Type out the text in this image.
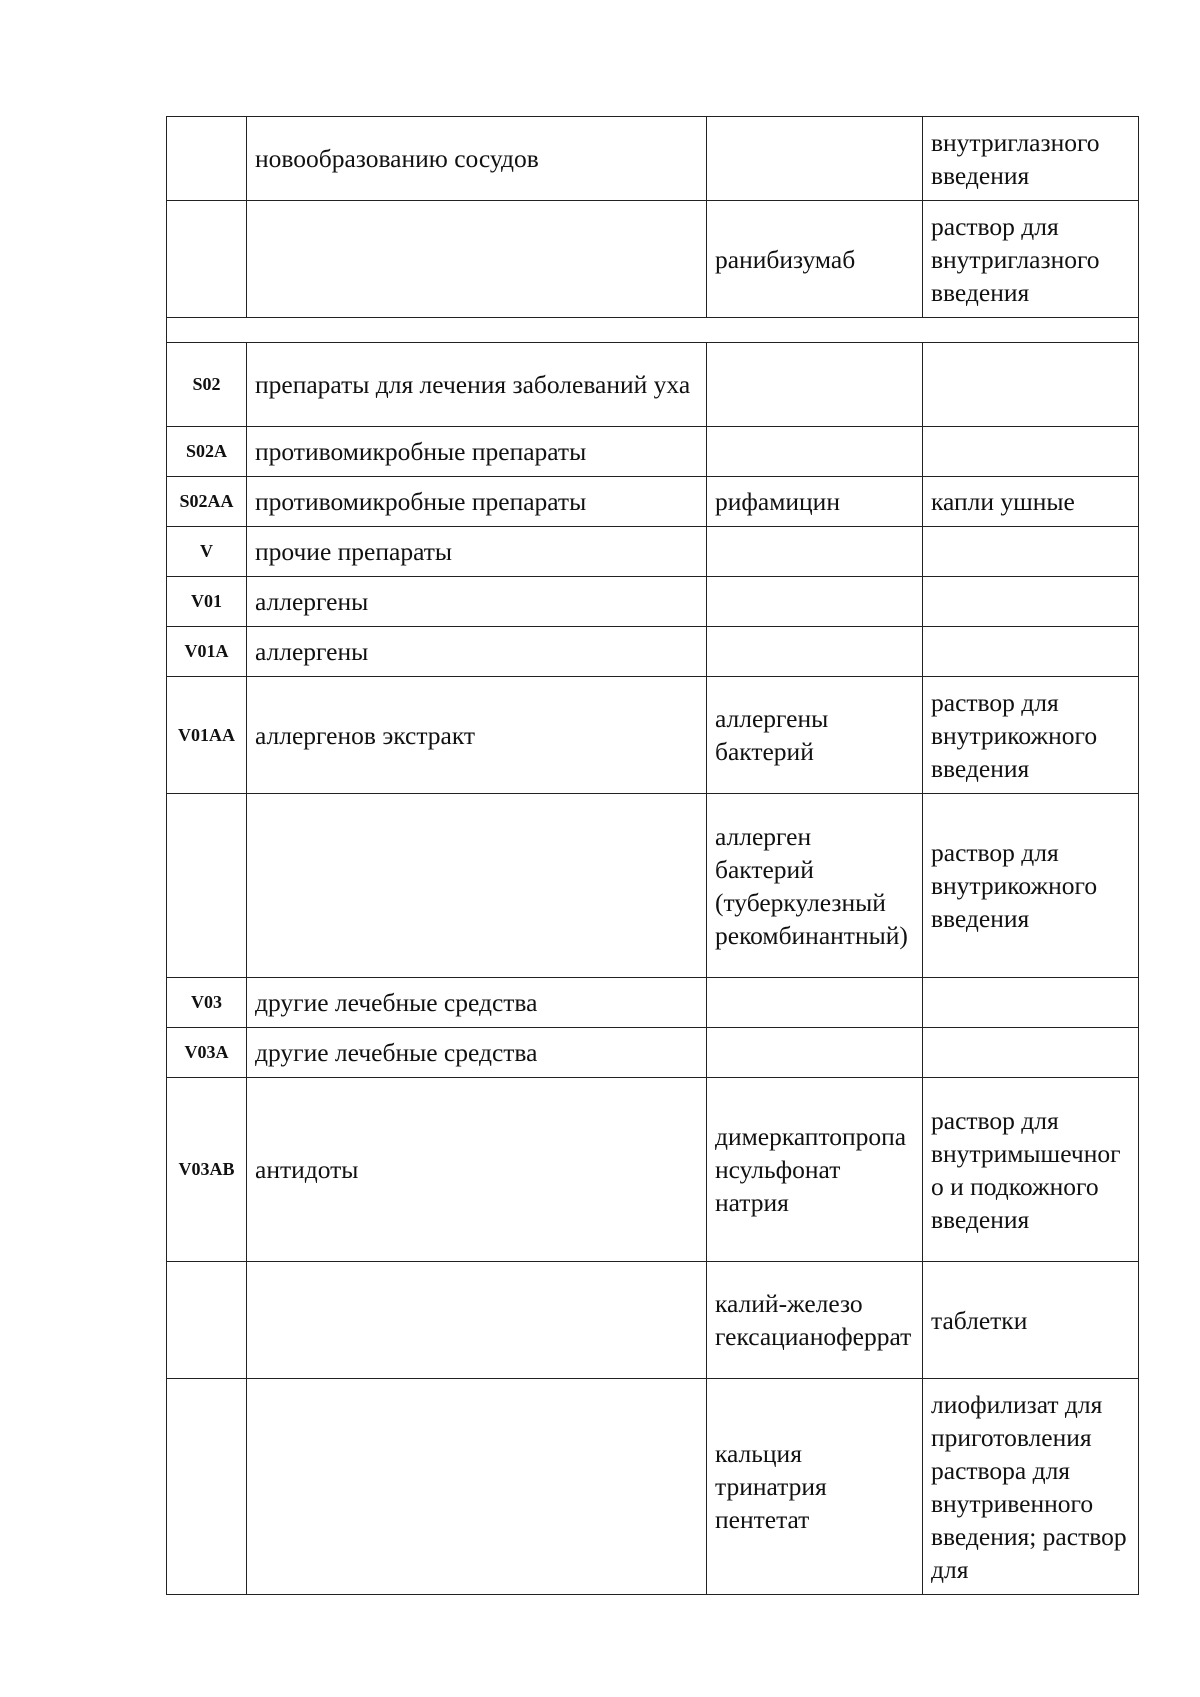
	новообразованию сосудов		внутриглазного введения
		ранибизумаб	раствор для внутриглазного введения

S02	препараты для лечения заболеваний уха		
S02A	противомикробные препараты		
S02AA	противомикробные препараты	рифамицин	капли ушные
V	прочие препараты		
V01	аллергены		
V01A	аллергены		
V01AA	аллергенов экстракт	аллергены бактерий	раствор для внутрикожного введения
		аллерген бактерий (туберкулезный рекомбинантный)	раствор для внутрикожного введения
V03	другие лечебные средства		
V03A	другие лечебные средства		
V03AB	антидоты	димеркаптопропансульфонат натрия	раствор для внутримышечного и подкожного введения
		калий-железо гексацианоферрат	таблетки
		кальция тринатрия пентетат	лиофилизат для приготовления раствора для внутривенного введения; раствор для
